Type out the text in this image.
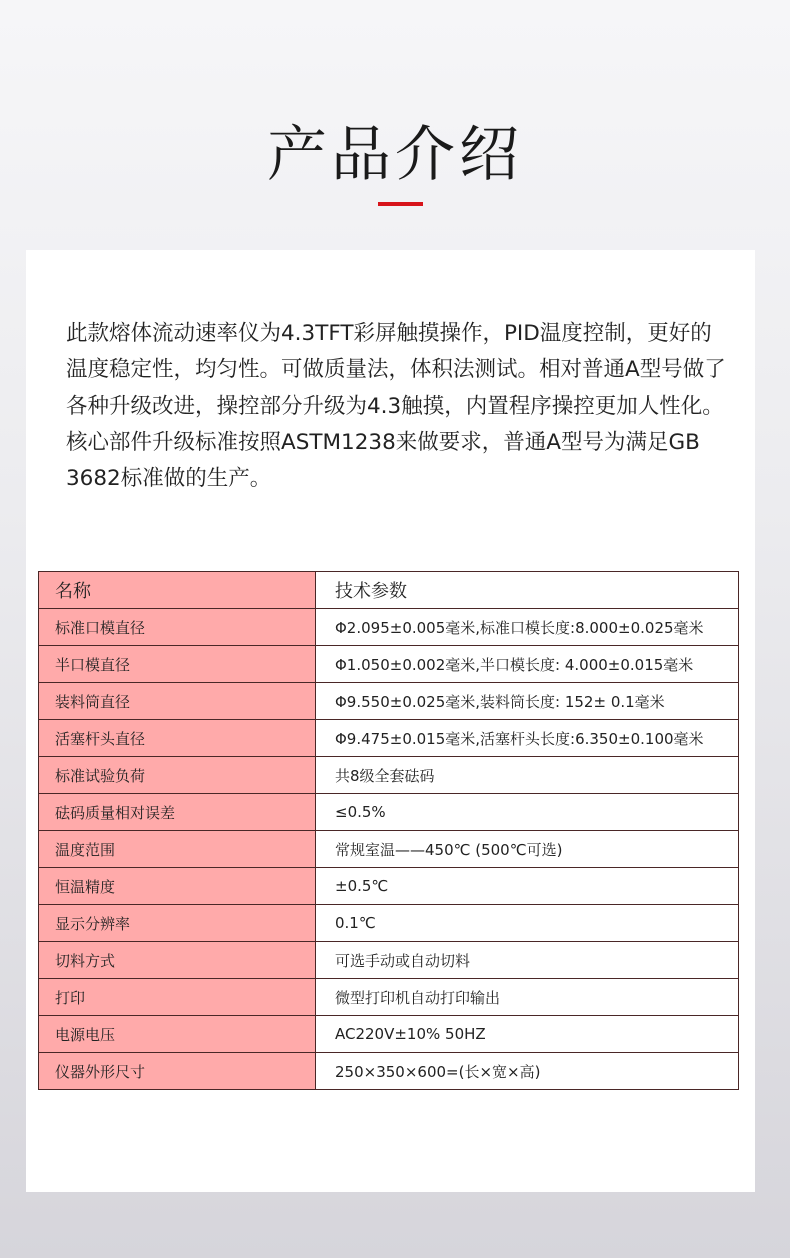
产品介绍
此款熔体流动速率仪为4.3TFT彩屏触摸操作，PID温度控制，更好的温度稳定性，均匀性。可做质量法，体积法测试。相对普通A型号做了各种升级改进，操控部分升级为4.3触摸，内置程序操控更加人性化。核心部件升级标准按照ASTM1238来做要求，普通A型号为满足GB 3682标准做的生产。
名称	技术参数
标准口模直径	Φ2.095±0.005毫米,标准口模长度:8.000±0.025毫米
半口模直径	Φ1.050±0.002毫米,半口模长度: 4.000±0.015毫米
装料筒直径	Φ9.550±0.025毫米,装料筒长度: 152± 0.1毫米
活塞杆头直径	Φ9.475±0.015毫米,活塞杆头长度:6.350±0.100毫米
标准试验负荷	共8级全套砝码
砝码质量相对误差	≤0.5%
温度范围	常规室温——450℃ (500℃可选)
恒温精度	±0.5℃
显示分辨率	0.1℃
切料方式	可选手动或自动切料
打印	微型打印机自动打印输出
电源电压	AC220V±10% 50HZ
仪器外形尺寸	250×350×600=(长×宽×高)
